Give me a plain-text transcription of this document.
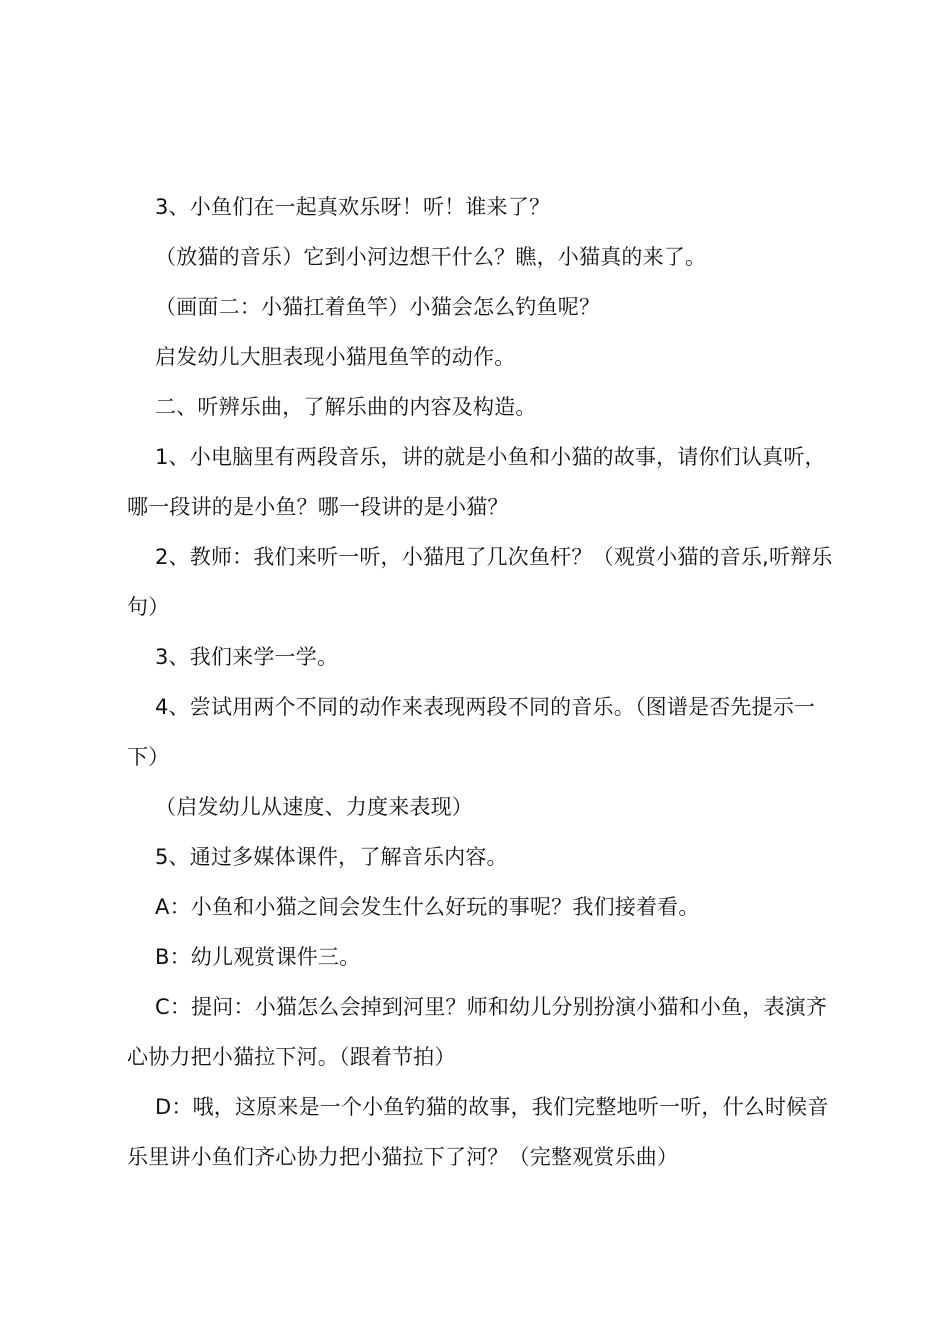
3、小鱼们在一起真欢乐呀！听！谁来了？

（放猫的音乐）它到小河边想干什么？瞧，小猫真的来了。

（画面二：小猫扛着鱼竿）小猫会怎么钓鱼呢？

启发幼儿大胆表现小猫甩鱼竿的动作。

二、听辨乐曲，了解乐曲的内容及构造。

1、小电脑里有两段音乐，讲的就是小鱼和小猫的故事，请你们认真听，哪一段讲的是小鱼？哪一段讲的是小猫？

2、教师：我们来听一听，小猫甩了几次鱼杆？（观赏小猫的音乐,听辩乐句）

3、我们来学一学。

4、尝试用两个不同的动作来表现两段不同的音乐。（图谱是否先提示一下）

（启发幼儿从速度、力度来表现）

5、通过多媒体课件，了解音乐内容。

A：小鱼和小猫之间会发生什么好玩的事呢？我们接着看。

B：幼儿观赏课件三。

C：提问：小猫怎么会掉到河里？师和幼儿分别扮演小猫和小鱼，表演齐心协力把小猫拉下河。（跟着节拍）

D：哦，这原来是一个小鱼钓猫的故事，我们完整地听一听，什么时候音乐里讲小鱼们齐心协力把小猫拉下了河？（完整观赏乐曲）
